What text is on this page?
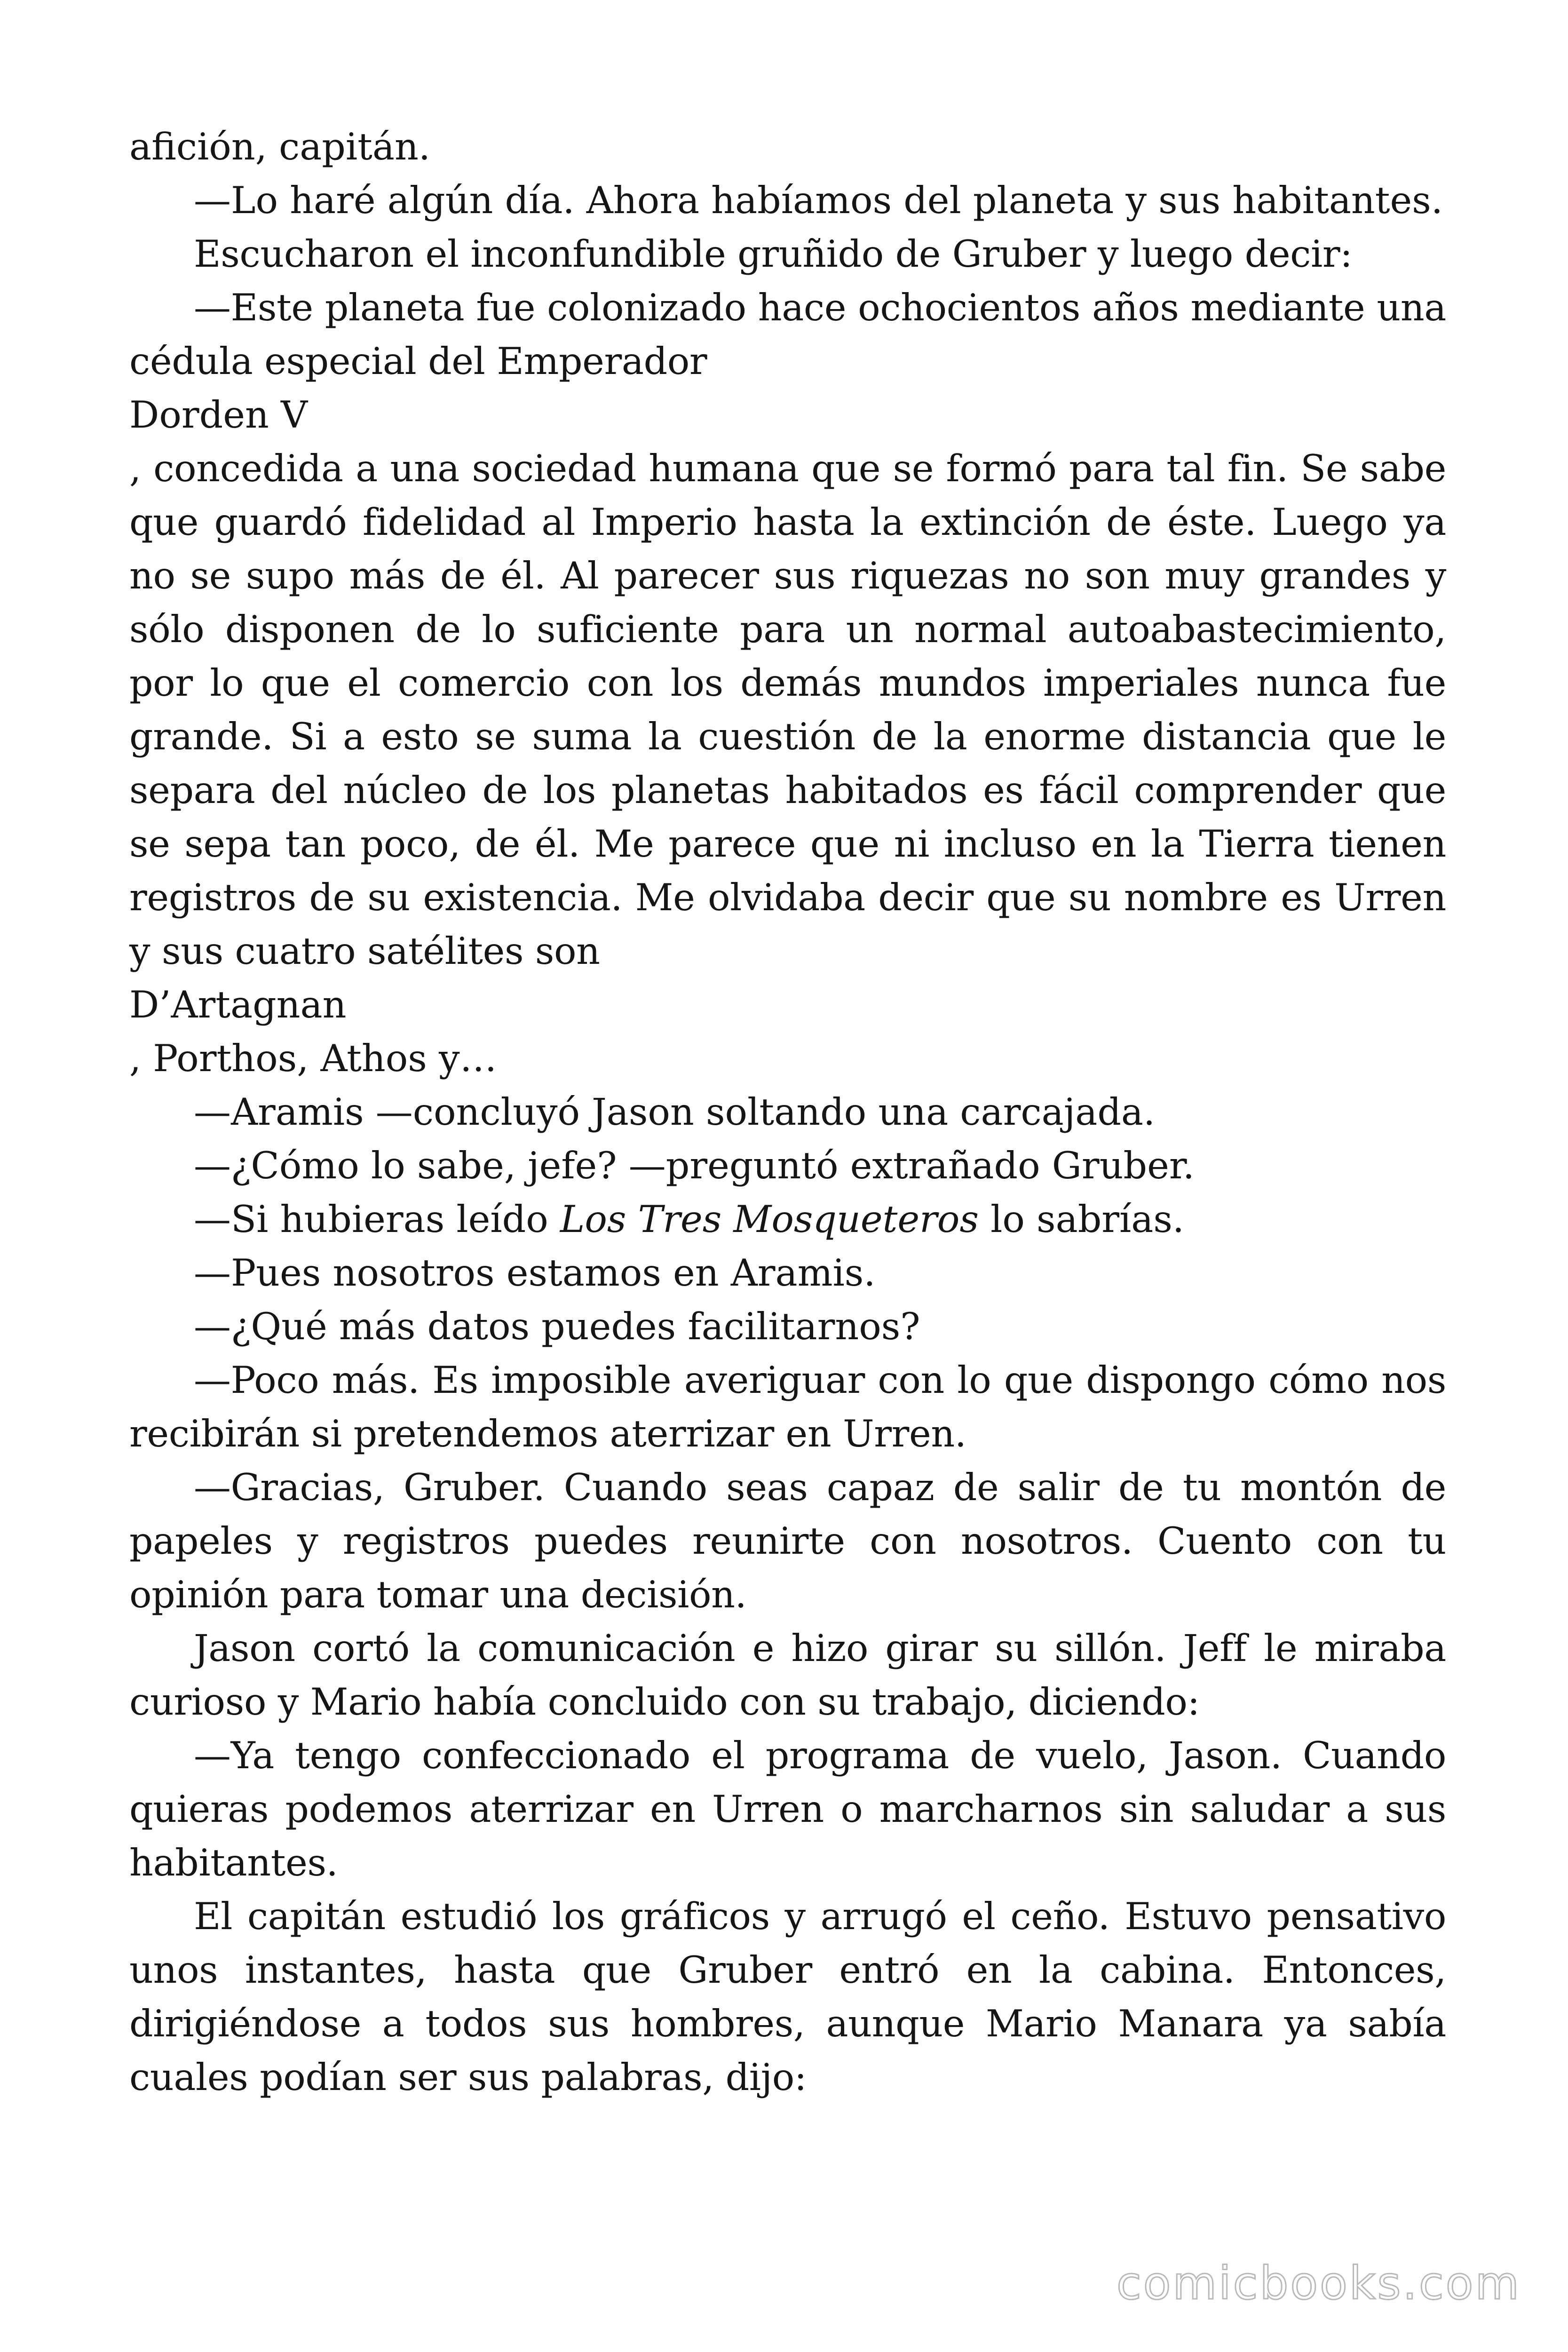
afición, capitán.

—Lo haré algún día. Ahora habíamos del planeta y sus habitantes.

Escucharon el inconfundible gruñido de Gruber y luego decir:

—Este planeta fue colonizado hace ochocientos años mediante una cédula especial del Emperador

Dorden V

, concedida a una sociedad humana que se formó para tal fin. Se sabe que guardó fidelidad al Imperio hasta la extinción de éste. Luego ya no se supo más de él. Al parecer sus riquezas no son muy grandes y sólo disponen de lo suficiente para un normal autoabastecimiento, por lo que el comercio con los demás mundos imperiales nunca fue grande. Si a esto se suma la cuestión de la enorme distancia que le separa del núcleo de los planetas habitados es fácil comprender que se sepa tan poco, de él. Me parece que ni incluso en la Tierra tienen registros de su existencia. Me olvidaba decir que su nombre es Urren y sus cuatro satélites son

D’Artagnan

, Porthos, Athos y…

—Aramis —concluyó Jason soltando una carcajada.

—¿Cómo lo sabe, jefe? —preguntó extrañado Gruber.

—Si hubieras leído Los Tres Mosqueteros lo sabrías.

—Pues nosotros estamos en Aramis.

—¿Qué más datos puedes facilitarnos?

—Poco más. Es imposible averiguar con lo que dispongo cómo nos recibirán si pretendemos aterrizar en Urren.

—Gracias, Gruber. Cuando seas capaz de salir de tu montón de papeles y registros puedes reunirte con nosotros. Cuento con tu opinión para tomar una decisión.

Jason cortó la comunicación e hizo girar su sillón. Jeff le miraba curioso y Mario había concluido con su trabajo, diciendo:

—Ya tengo confeccionado el programa de vuelo, Jason. Cuando quieras podemos aterrizar en Urren o marcharnos sin saludar a sus habitantes.

El capitán estudió los gráficos y arrugó el ceño. Estuvo pensativo unos instantes, hasta que Gruber entró en la cabina. Entonces, dirigiéndose a todos sus hombres, aunque Mario Manara ya sabía cuales podían ser sus palabras, dijo:

comicbooks.com
